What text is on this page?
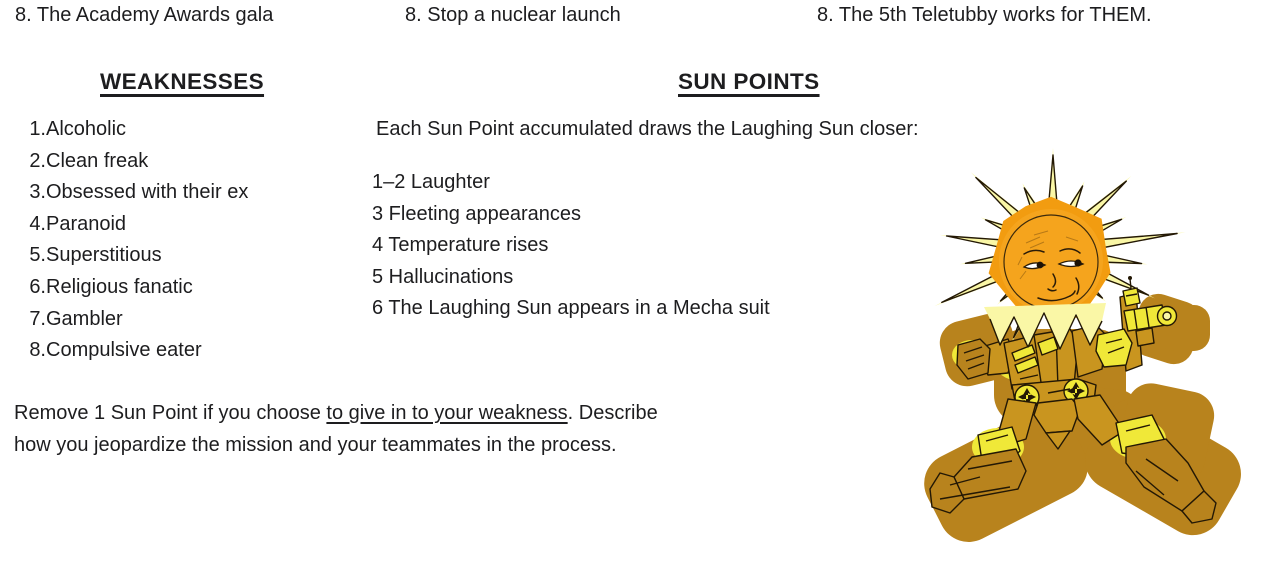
8. The Academy Awards gala	8. Stop a nuclear launch	8. The 5th Teletubby works for THEM.
WEAKNESSES	SUN POINTS
1. Alcoholic
2. Clean freak
3. Obsessed with their ex
4. Paranoid
5. Superstitious
6. Religious fanatic
7. Gambler
8. Compulsive eater

Each Sun Point accumulated draws the Laughing Sun closer:

1–2 Laughter
3 Fleeting appearances
4 Temperature rises
5 Hallucinations
6 The Laughing Sun appears in a Mecha suit

Remove 1 Sun Point if you choose to give in to your weakness. Describe
how you jeopardize the mission and your teammates in the process.
